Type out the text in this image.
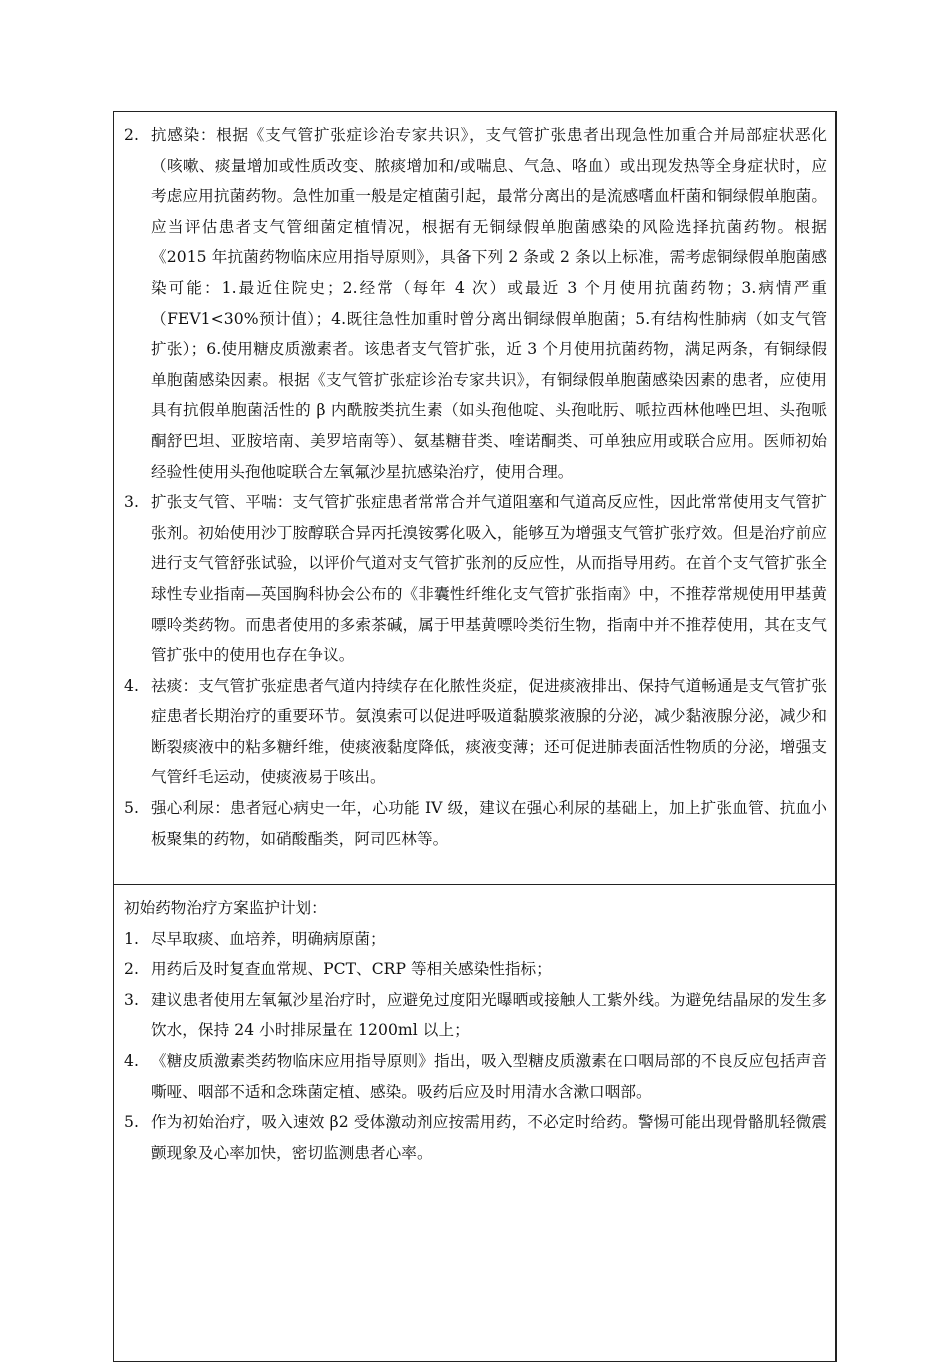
2. 抗感染：根据《支气管扩张症诊治专家共识》，支气管扩张患者出现急性加重合并局部症状恶化（咳嗽、痰量增加或性质改变、脓痰增加和/或喘息、气急、咯血）或出现发热等全身症状时，应考虑应用抗菌药物。急性加重一般是定植菌引起，最常分离出的是流感嗜血杆菌和铜绿假单胞菌。应当评估患者支气管细菌定植情况，根据有无铜绿假单胞菌感染的风险选择抗菌药物。根据《2015 年抗菌药物临床应用指导原则》，具备下列 2 条或 2 条以上标准，需考虑铜绿假单胞菌感染可能：1.最近住院史；2.经常（每年 4 次）或最近 3 个月使用抗菌药物；3.病情严重（FEV1<30%预计值）；4.既往急性加重时曾分离出铜绿假单胞菌；5.有结构性肺病（如支气管扩张）；6.使用糖皮质激素者。该患者支气管扩张，近 3 个月使用抗菌药物，满足两条，有铜绿假单胞菌感染因素。根据《支气管扩张症诊治专家共识》，有铜绿假单胞菌感染因素的患者，应使用具有抗假单胞菌活性的 β 内酰胺类抗生素（如头孢他啶、头孢吡肟、哌拉西林他唑巴坦、头孢哌酮舒巴坦、亚胺培南、美罗培南等）、氨基糖苷类、喹诺酮类、可单独应用或联合应用。医师初始经验性使用头孢他啶联合左氧氟沙星抗感染治疗，使用合理。
3. 扩张支气管、平喘：支气管扩张症患者常常合并气道阻塞和气道高反应性，因此常常使用支气管扩张剂。初始使用沙丁胺醇联合异丙托溴铵雾化吸入，能够互为增强支气管扩张疗效。但是治疗前应进行支气管舒张试验，以评价气道对支气管扩张剂的反应性，从而指导用药。在首个支气管扩张全球性专业指南—英国胸科协会公布的《非囊性纤维化支气管扩张指南》中，不推荐常规使用甲基黄嘌呤类药物。而患者使用的多索茶碱，属于甲基黄嘌呤类衍生物，指南中并不推荐使用，其在支气管扩张中的使用也存在争议。
4. 祛痰：支气管扩张症患者气道内持续存在化脓性炎症，促进痰液排出、保持气道畅通是支气管扩张症患者长期治疗的重要环节。氨溴索可以促进呼吸道黏膜浆液腺的分泌，减少黏液腺分泌，减少和断裂痰液中的粘多糖纤维，使痰液黏度降低，痰液变薄；还可促进肺表面活性物质的分泌，增强支气管纤毛运动，使痰液易于咳出。
5. 强心利尿：患者冠心病史一年，心功能 IV 级，建议在强心利尿的基础上，加上扩张血管、抗血小板聚集的药物，如硝酸酯类，阿司匹林等。
初始药物治疗方案监护计划：
1. 尽早取痰、血培养，明确病原菌；
2. 用药后及时复查血常规、PCT、CRP 等相关感染性指标；
3. 建议患者使用左氧氟沙星治疗时，应避免过度阳光曝晒或接触人工紫外线。为避免结晶尿的发生多饮水，保持 24 小时排尿量在 1200ml 以上；
4. 《糖皮质激素类药物临床应用指导原则》指出，吸入型糖皮质激素在口咽局部的不良反应包括声音嘶哑、咽部不适和念珠菌定植、感染。吸药后应及时用清水含漱口咽部。
5. 作为初始治疗，吸入速效 β2 受体激动剂应按需用药，不必定时给药。警惕可能出现骨骼肌轻微震颤现象及心率加快，密切监测患者心率。
